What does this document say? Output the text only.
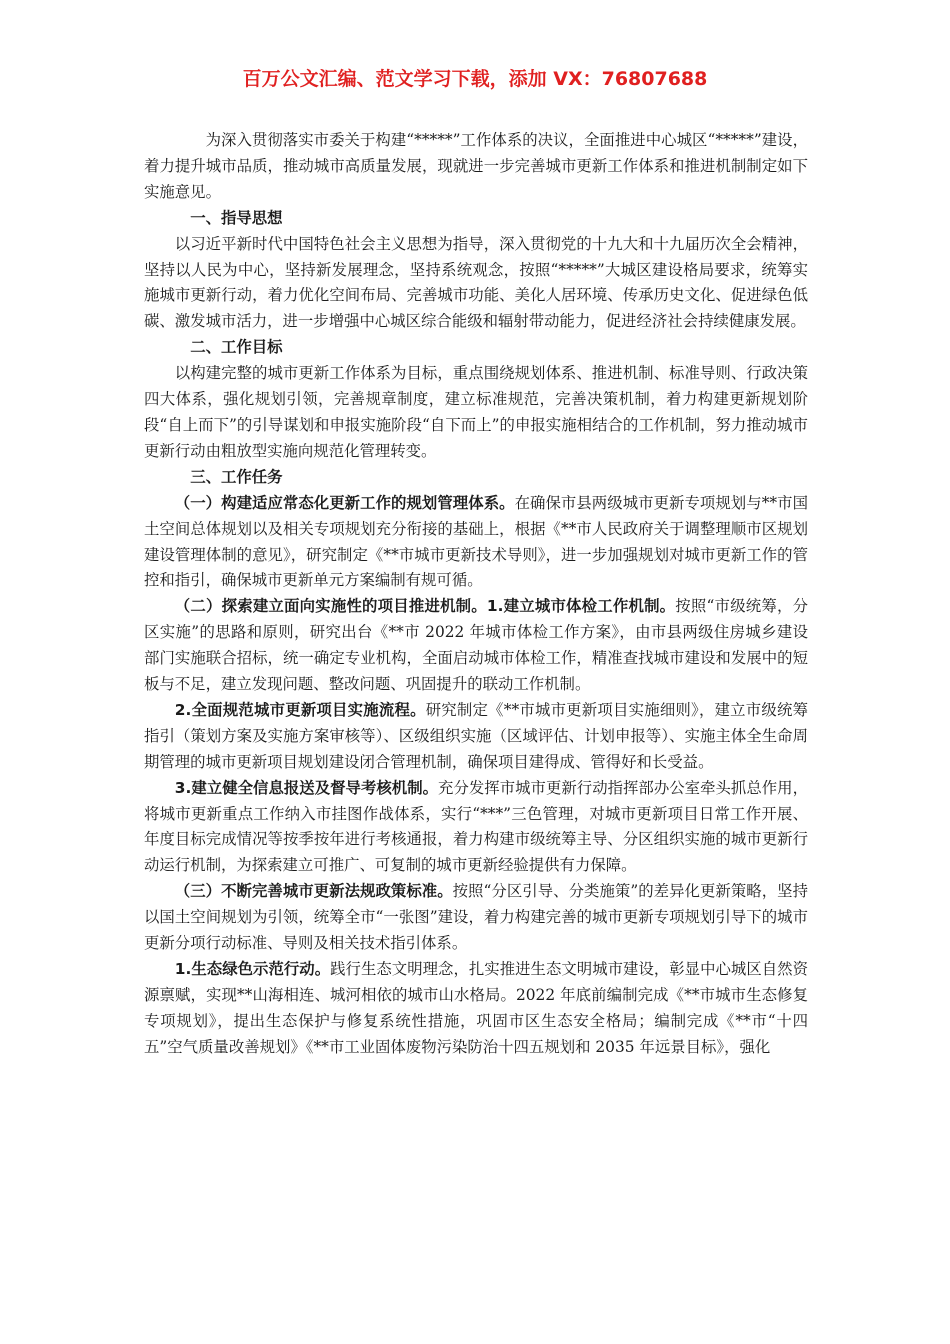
百万公文汇编、范文学习下载，添加 VX：76807688

为深入贯彻落实市委关于构建“*****”工作体系的决议，全面推进中心城区“*****”建设，着力提升城市品质，推动城市高质量发展，现就进一步完善城市更新工作体系和推进机制制定如下实施意见。

一、指导思想

以习近平新时代中国特色社会主义思想为指导，深入贯彻党的十九大和十九届历次全会精神，坚持以人民为中心，坚持新发展理念，坚持系统观念，按照“*****”大城区建设格局要求，统筹实施城市更新行动，着力优化空间布局、完善城市功能、美化人居环境、传承历史文化、促进绿色低碳、激发城市活力，进一步增强中心城区综合能级和辐射带动能力，促进经济社会持续健康发展。

二、工作目标

以构建完整的城市更新工作体系为目标，重点围绕规划体系、推进机制、标准导则、行政决策四大体系，强化规划引领，完善规章制度，建立标准规范，完善决策机制，着力构建更新规划阶段“自上而下”的引导谋划和申报实施阶段“自下而上”的申报实施相结合的工作机制，努力推动城市更新行动由粗放型实施向规范化管理转变。

三、工作任务

（一）构建适应常态化更新工作的规划管理体系。在确保市县两级城市更新专项规划与**市国土空间总体规划以及相关专项规划充分衔接的基础上，根据《**市人民政府关于调整理顺市区规划建设管理体制的意见》，研究制定《**市城市更新技术导则》，进一步加强规划对城市更新工作的管控和指引，确保城市更新单元方案编制有规可循。

（二）探索建立面向实施性的项目推进机制。1.建立城市体检工作机制。按照“市级统筹，分区实施”的思路和原则，研究出台《**市 2022 年城市体检工作方案》，由市县两级住房城乡建设部门实施联合招标，统一确定专业机构，全面启动城市体检工作，精准查找城市建设和发展中的短板与不足，建立发现问题、整改问题、巩固提升的联动工作机制。

2.全面规范城市更新项目实施流程。研究制定《**市城市更新项目实施细则》，建立市级统筹指引（策划方案及实施方案审核等）、区级组织实施（区域评估、计划申报等）、实施主体全生命周期管理的城市更新项目规划建设闭合管理机制，确保项目建得成、管得好和长受益。

3.建立健全信息报送及督导考核机制。充分发挥市城市更新行动指挥部办公室牵头抓总作用，将城市更新重点工作纳入市挂图作战体系，实行“***”三色管理，对城市更新项目日常工作开展、年度目标完成情况等按季按年进行考核通报，着力构建市级统筹主导、分区组织实施的城市更新行动运行机制，为探索建立可推广、可复制的城市更新经验提供有力保障。

（三）不断完善城市更新法规政策标准。按照“分区引导、分类施策”的差异化更新策略，坚持以国土空间规划为引领，统筹全市“一张图”建设，着力构建完善的城市更新专项规划引导下的城市更新分项行动标准、导则及相关技术指引体系。

1.生态绿色示范行动。践行生态文明理念，扎实推进生态文明城市建设，彰显中心城区自然资源禀赋，实现**山海相连、城河相依的城市山水格局。2022 年底前编制完成《**市城市生态修复专项规划》，提出生态保护与修复系统性措施，巩固市区生态安全格局；编制完成《**市“十四五”空气质量改善规划》《**市工业固体废物污染防治十四五规划和 2035 年远景目标》，强化
